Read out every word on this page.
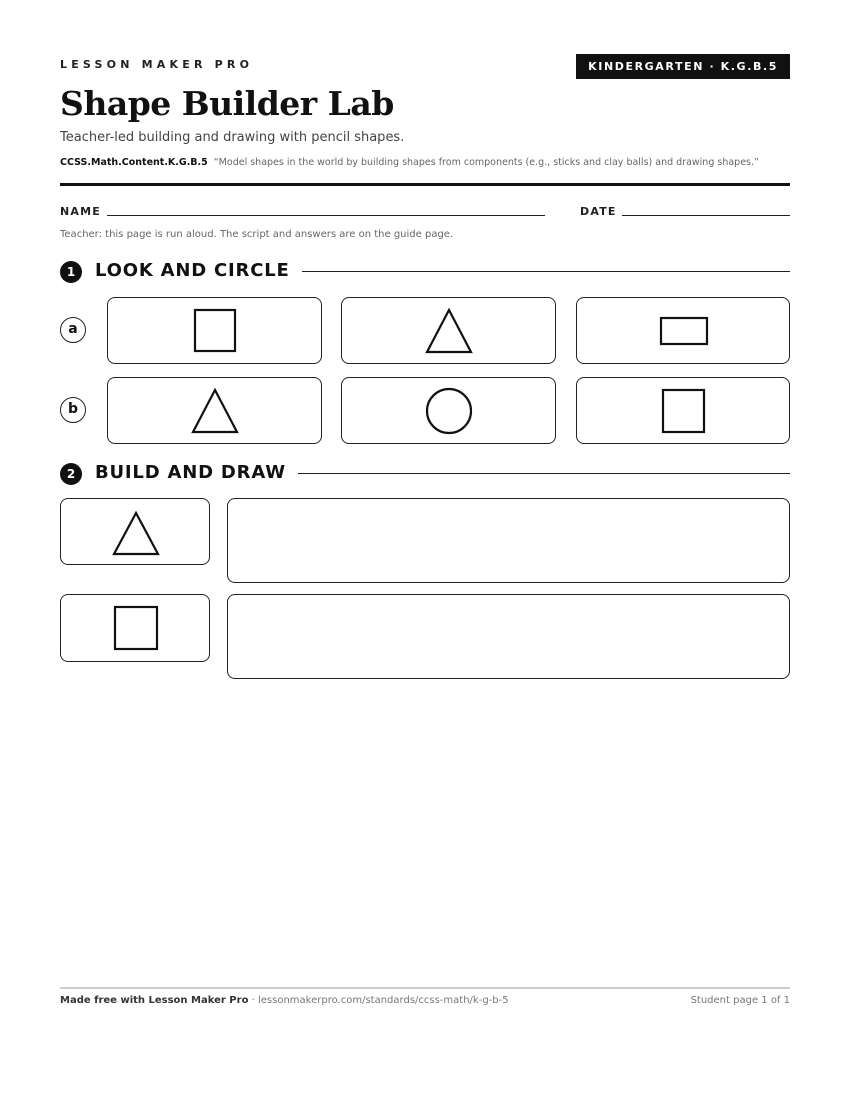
LESSON MAKER PRO	KINDERGARTEN · K.G.B.5
Shape Builder Lab
Teacher-led building and drawing with pencil shapes.
CCSS.Math.Content.K.G.B.5 “Model shapes in the world by building shapes from components (e.g., sticks and clay balls) and drawing shapes.”
NAME	DATE
Teacher: this page is run aloud. The script and answers are on the guide page.
1	LOOK AND CIRCLE
a
b
2	BUILD AND DRAW
Made free with Lesson Maker Pro · lessonmakerpro.com/standards/ccss-math/k-g-b-5	Student page 1 of 1
